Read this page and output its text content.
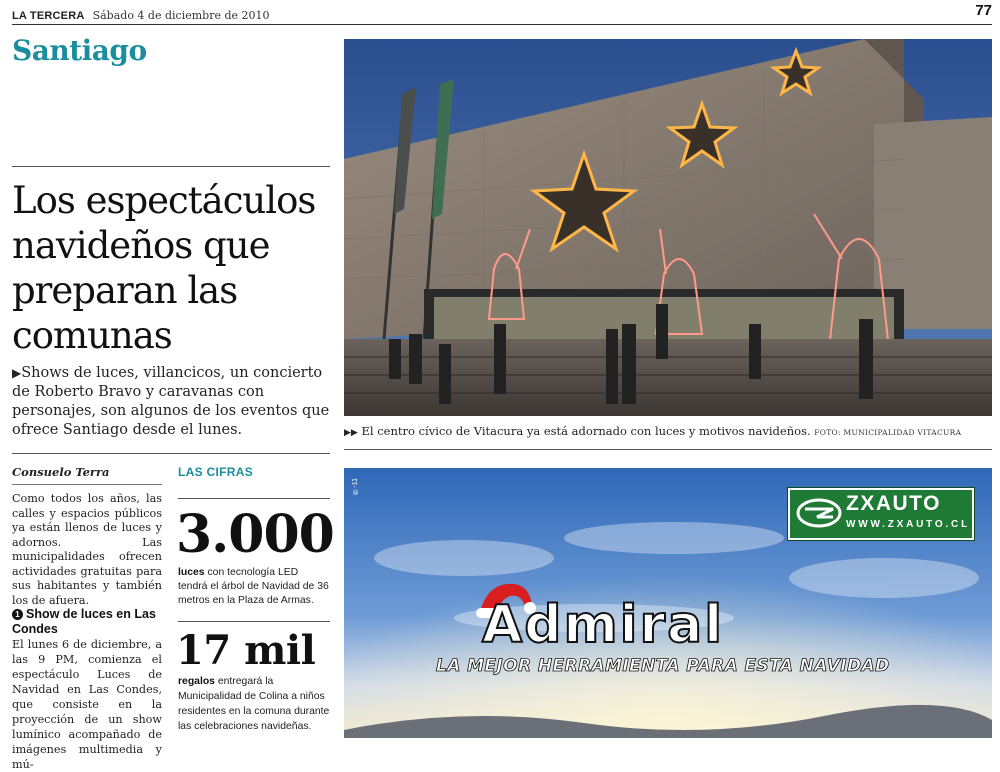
LA TERCERA Sábado 4 de diciembre de 2010	77
Santiago
Los espectáculos navideños que preparan las comunas
▶Shows de luces, villancicos, un concierto de Roberto Bravo y caravanas con personajes, son algunos de los eventos que ofrece Santiago desde el lunes.
Consuelo Terra
Como todos los años, las calles y espacios públicos ya están llenos de luces y adornos. Las municipalidades ofrecen actividades gratuitas para sus habitantes y también los de afuera.
1 Show de luces en Las Condes
El lunes 6 de diciembre, a las 9 PM, comienza el espectáculo Luces de Navidad en Las Condes, que consiste en la proyección de un show lumínico acompañado de imágenes multimedia y mú-
LAS CIFRAS
3.000
luces con tecnología LED tendrá el árbol de Navidad de 36 metros en la Plaza de Armas.
17 mil
regalos entregará la Municipalidad de Colina a niños residentes en la comuna durante las celebraciones navideñas.
▶▶ El centro cívico de Vitacura ya está adornado con luces y motivos navideños. FOTO: MUNICIPALIDAD VITACURA
®-11
ZXAUTO
WWW.ZXAUTO.CL
Admiral
LA MEJOR HERRAMIENTA PARA ESTA NAVIDAD
